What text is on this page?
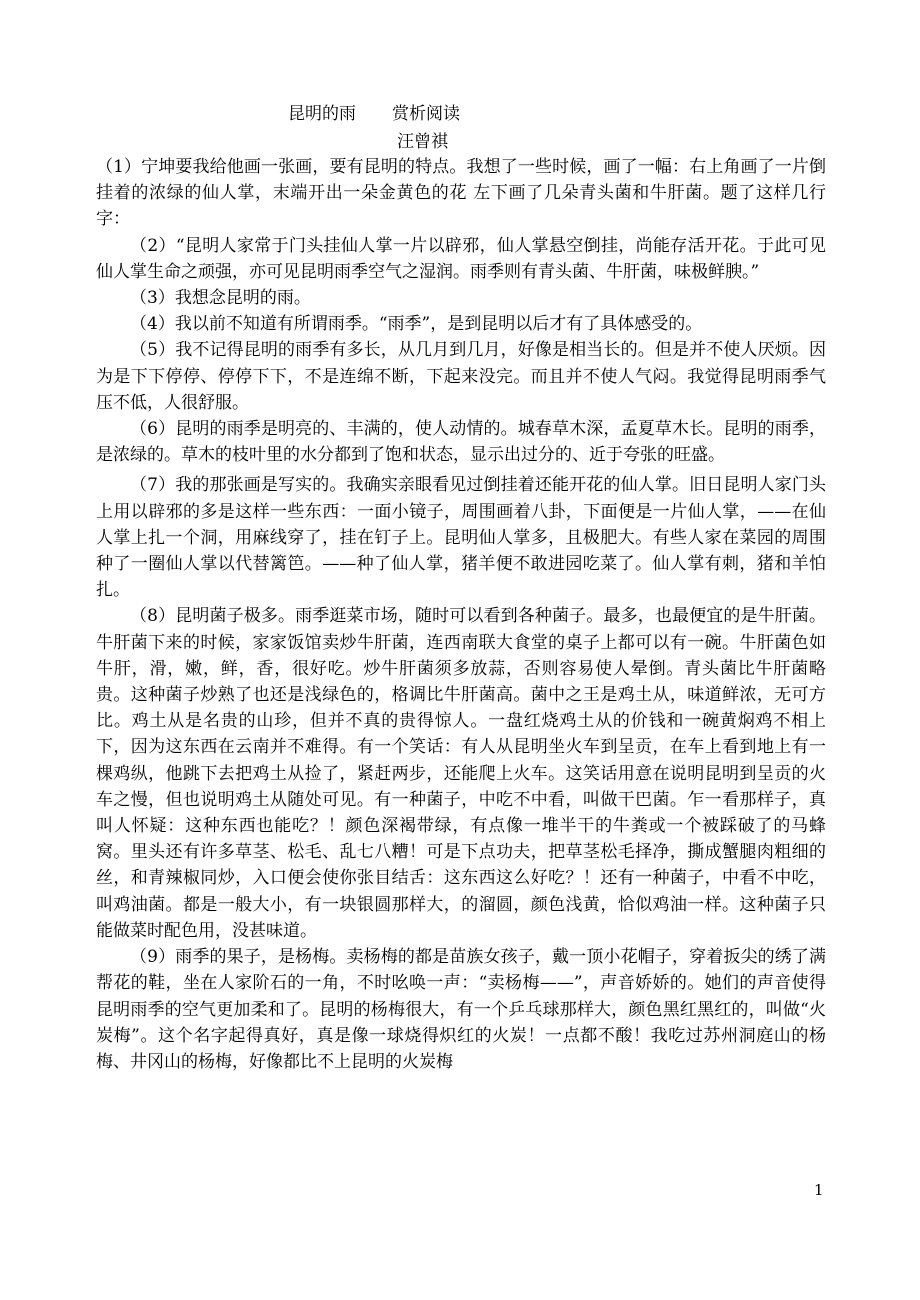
昆明的雨 赏析阅读
汪曾祺

（1）宁坤要我给他画一张画，要有昆明的特点。我想了一些时候，画了一幅：右上角画了一片倒挂着的浓绿的仙人掌，末端开出一朵金黄色的花 左下画了几朵青头菌和牛肝菌。题了这样几行字：

（2）“昆明人家常于门头挂仙人掌一片以辟邪，仙人掌悬空倒挂，尚能存活开花。于此可见仙人掌生命之顽强，亦可见昆明雨季空气之湿润。雨季则有青头菌、牛肝菌，味极鲜腴。”

（3）我想念昆明的雨。

（4）我以前不知道有所谓雨季。“雨季”，是到昆明以后才有了具体感受的。

（5）我不记得昆明的雨季有多长，从几月到几月，好像是相当长的。但是并不使人厌烦。因为是下下停停、停停下下，不是连绵不断，下起来没完。而且并不使人气闷。我觉得昆明雨季气压不低，人很舒服。

（6）昆明的雨季是明亮的、丰满的，使人动情的。城春草木深，孟夏草木长。昆明的雨季，是浓绿的。草木的枝叶里的水分都到了饱和状态，显示出过分的、近于夸张的旺盛。

（7）我的那张画是写实的。我确实亲眼看见过倒挂着还能开花的仙人掌。旧日昆明人家门头上用以辟邪的多是这样一些东西：一面小镜子，周围画着八卦，下面便是一片仙人掌，——在仙人掌上扎一个洞，用麻线穿了，挂在钉子上。昆明仙人掌多，且极肥大。有些人家在菜园的周围种了一圈仙人掌以代替篱笆。——种了仙人掌，猪羊便不敢进园吃菜了。仙人掌有刺，猪和羊怕扎。

（8）昆明菌子极多。雨季逛菜市场，随时可以看到各种菌子。最多，也最便宜的是牛肝菌。牛肝菌下来的时候，家家饭馆卖炒牛肝菌，连西南联大食堂的桌子上都可以有一碗。牛肝菌色如牛肝，滑，嫩，鲜，香，很好吃。炒牛肝菌须多放蒜，否则容易使人晕倒。青头菌比牛肝菌略贵。这种菌子炒熟了也还是浅绿色的，格调比牛肝菌高。菌中之王是鸡土从，味道鲜浓，无可方比。鸡土从是名贵的山珍，但并不真的贵得惊人。一盘红烧鸡土从的价钱和一碗黄焖鸡不相上下，因为这东西在云南并不难得。有一个笑话：有人从昆明坐火车到呈贡，在车上看到地上有一棵鸡纵，他跳下去把鸡土从捡了，紧赶两步，还能爬上火车。这笑话用意在说明昆明到呈贡的火车之慢，但也说明鸡土从随处可见。有一种菌子，中吃不中看，叫做干巴菌。乍一看那样子，真叫人怀疑：这种东西也能吃？！颜色深褐带绿，有点像一堆半干的牛粪或一个被踩破了的马蜂窝。里头还有许多草茎、松毛、乱七八糟！可是下点功夫，把草茎松毛择净，撕成蟹腿肉粗细的丝，和青辣椒同炒，入口便会使你张目结舌：这东西这么好吃？！还有一种菌子，中看不中吃，叫鸡油菌。都是一般大小，有一块银圆那样大，的溜圆，颜色浅黄，恰似鸡油一样。这种菌子只能做菜时配色用，没甚味道。

（9）雨季的果子，是杨梅。卖杨梅的都是苗族女孩子，戴一顶小花帽子，穿着扳尖的绣了满帮花的鞋，坐在人家阶石的一角，不时吆唤一声：“卖杨梅——”，声音娇娇的。她们的声音使得昆明雨季的空气更加柔和了。昆明的杨梅很大，有一个乒乓球那样大，颜色黑红黑红的，叫做“火炭梅”。这个名字起得真好，真是像一球烧得炽红的火炭！一点都不酸！我吃过苏州洞庭山的杨梅、井冈山的杨梅，好像都比不上昆明的火炭梅

1
